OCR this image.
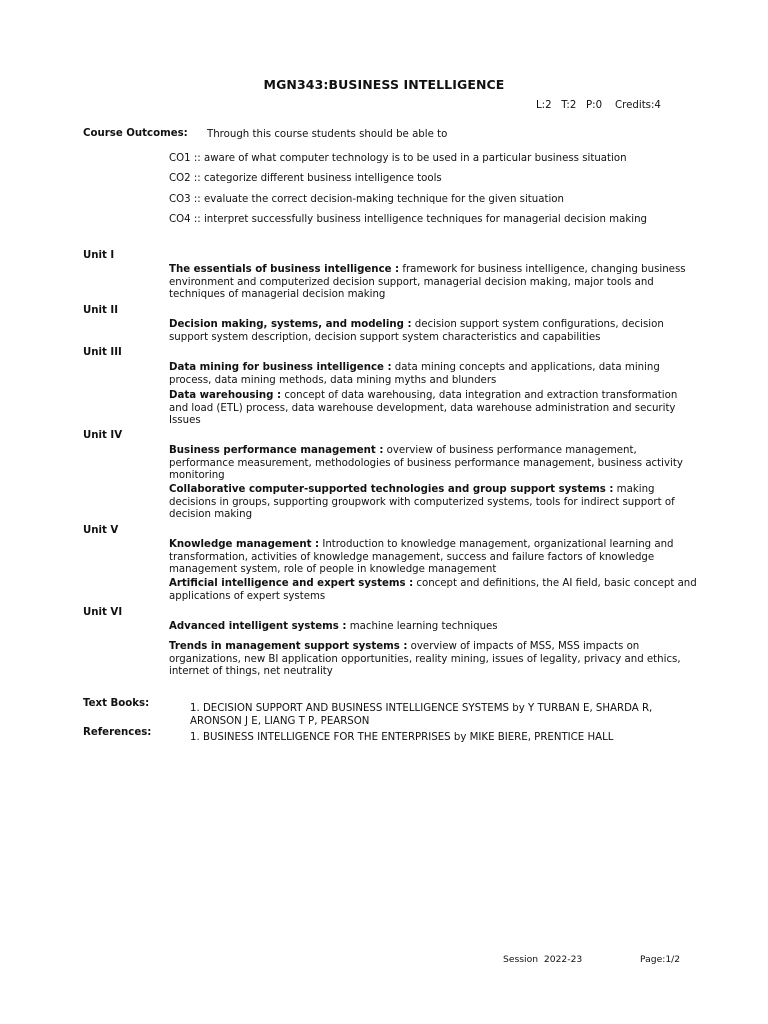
MGN343:BUSINESS INTELLIGENCE
L:2   T:2   P:0    Credits:4
Course Outcomes: Through this course students should be able to
CO1 :: aware of what computer technology is to be used in a particular business situation
CO2 :: categorize different business intelligence tools
CO3 :: evaluate the correct decision-making technique for the given situation
CO4 :: interpret successfully business intelligence techniques for managerial decision making
Unit I
The essentials of business intelligence : framework for business intelligence, changing business environment and computerized decision support, managerial decision making, major tools and techniques of managerial decision making
Unit II
Decision making, systems, and modeling : decision support system configurations, decision support system description, decision support system characteristics and capabilities
Unit III
Data mining for business intelligence : data mining concepts and applications, data mining process, data mining methods, data mining myths and blunders
Data warehousing : concept of data warehousing, data integration and extraction transformation and load (ETL) process, data warehouse development, data warehouse administration and security Issues
Unit IV
Business performance management : overview of business performance management, performance measurement, methodologies of business performance management, business activity monitoring
Collaborative computer-supported technologies and group support systems : making decisions in groups, supporting groupwork with computerized systems, tools for indirect support of decision making
Unit V
Knowledge management : Introduction to knowledge management, organizational learning and transformation, activities of knowledge management, success and failure factors of knowledge management system, role of people in knowledge management
Artificial intelligence and expert systems : concept and definitions, the AI field, basic concept and applications of expert systems
Unit VI
Advanced intelligent systems : machine learning techniques
Trends in management support systems : overview of impacts of MSS, MSS impacts on organizations, new BI application opportunities, reality mining, issues of legality, privacy and ethics, internet of things, net neutrality
Text Books:	1. DECISION SUPPORT AND BUSINESS INTELLIGENCE SYSTEMS by Y TURBAN E, SHARDA R, ARONSON J E, LIANG T P, PEARSON
References:	1. BUSINESS INTELLIGENCE FOR THE ENTERPRISES by MIKE BIERE, PRENTICE HALL
Session  2022-23	Page:1/2
